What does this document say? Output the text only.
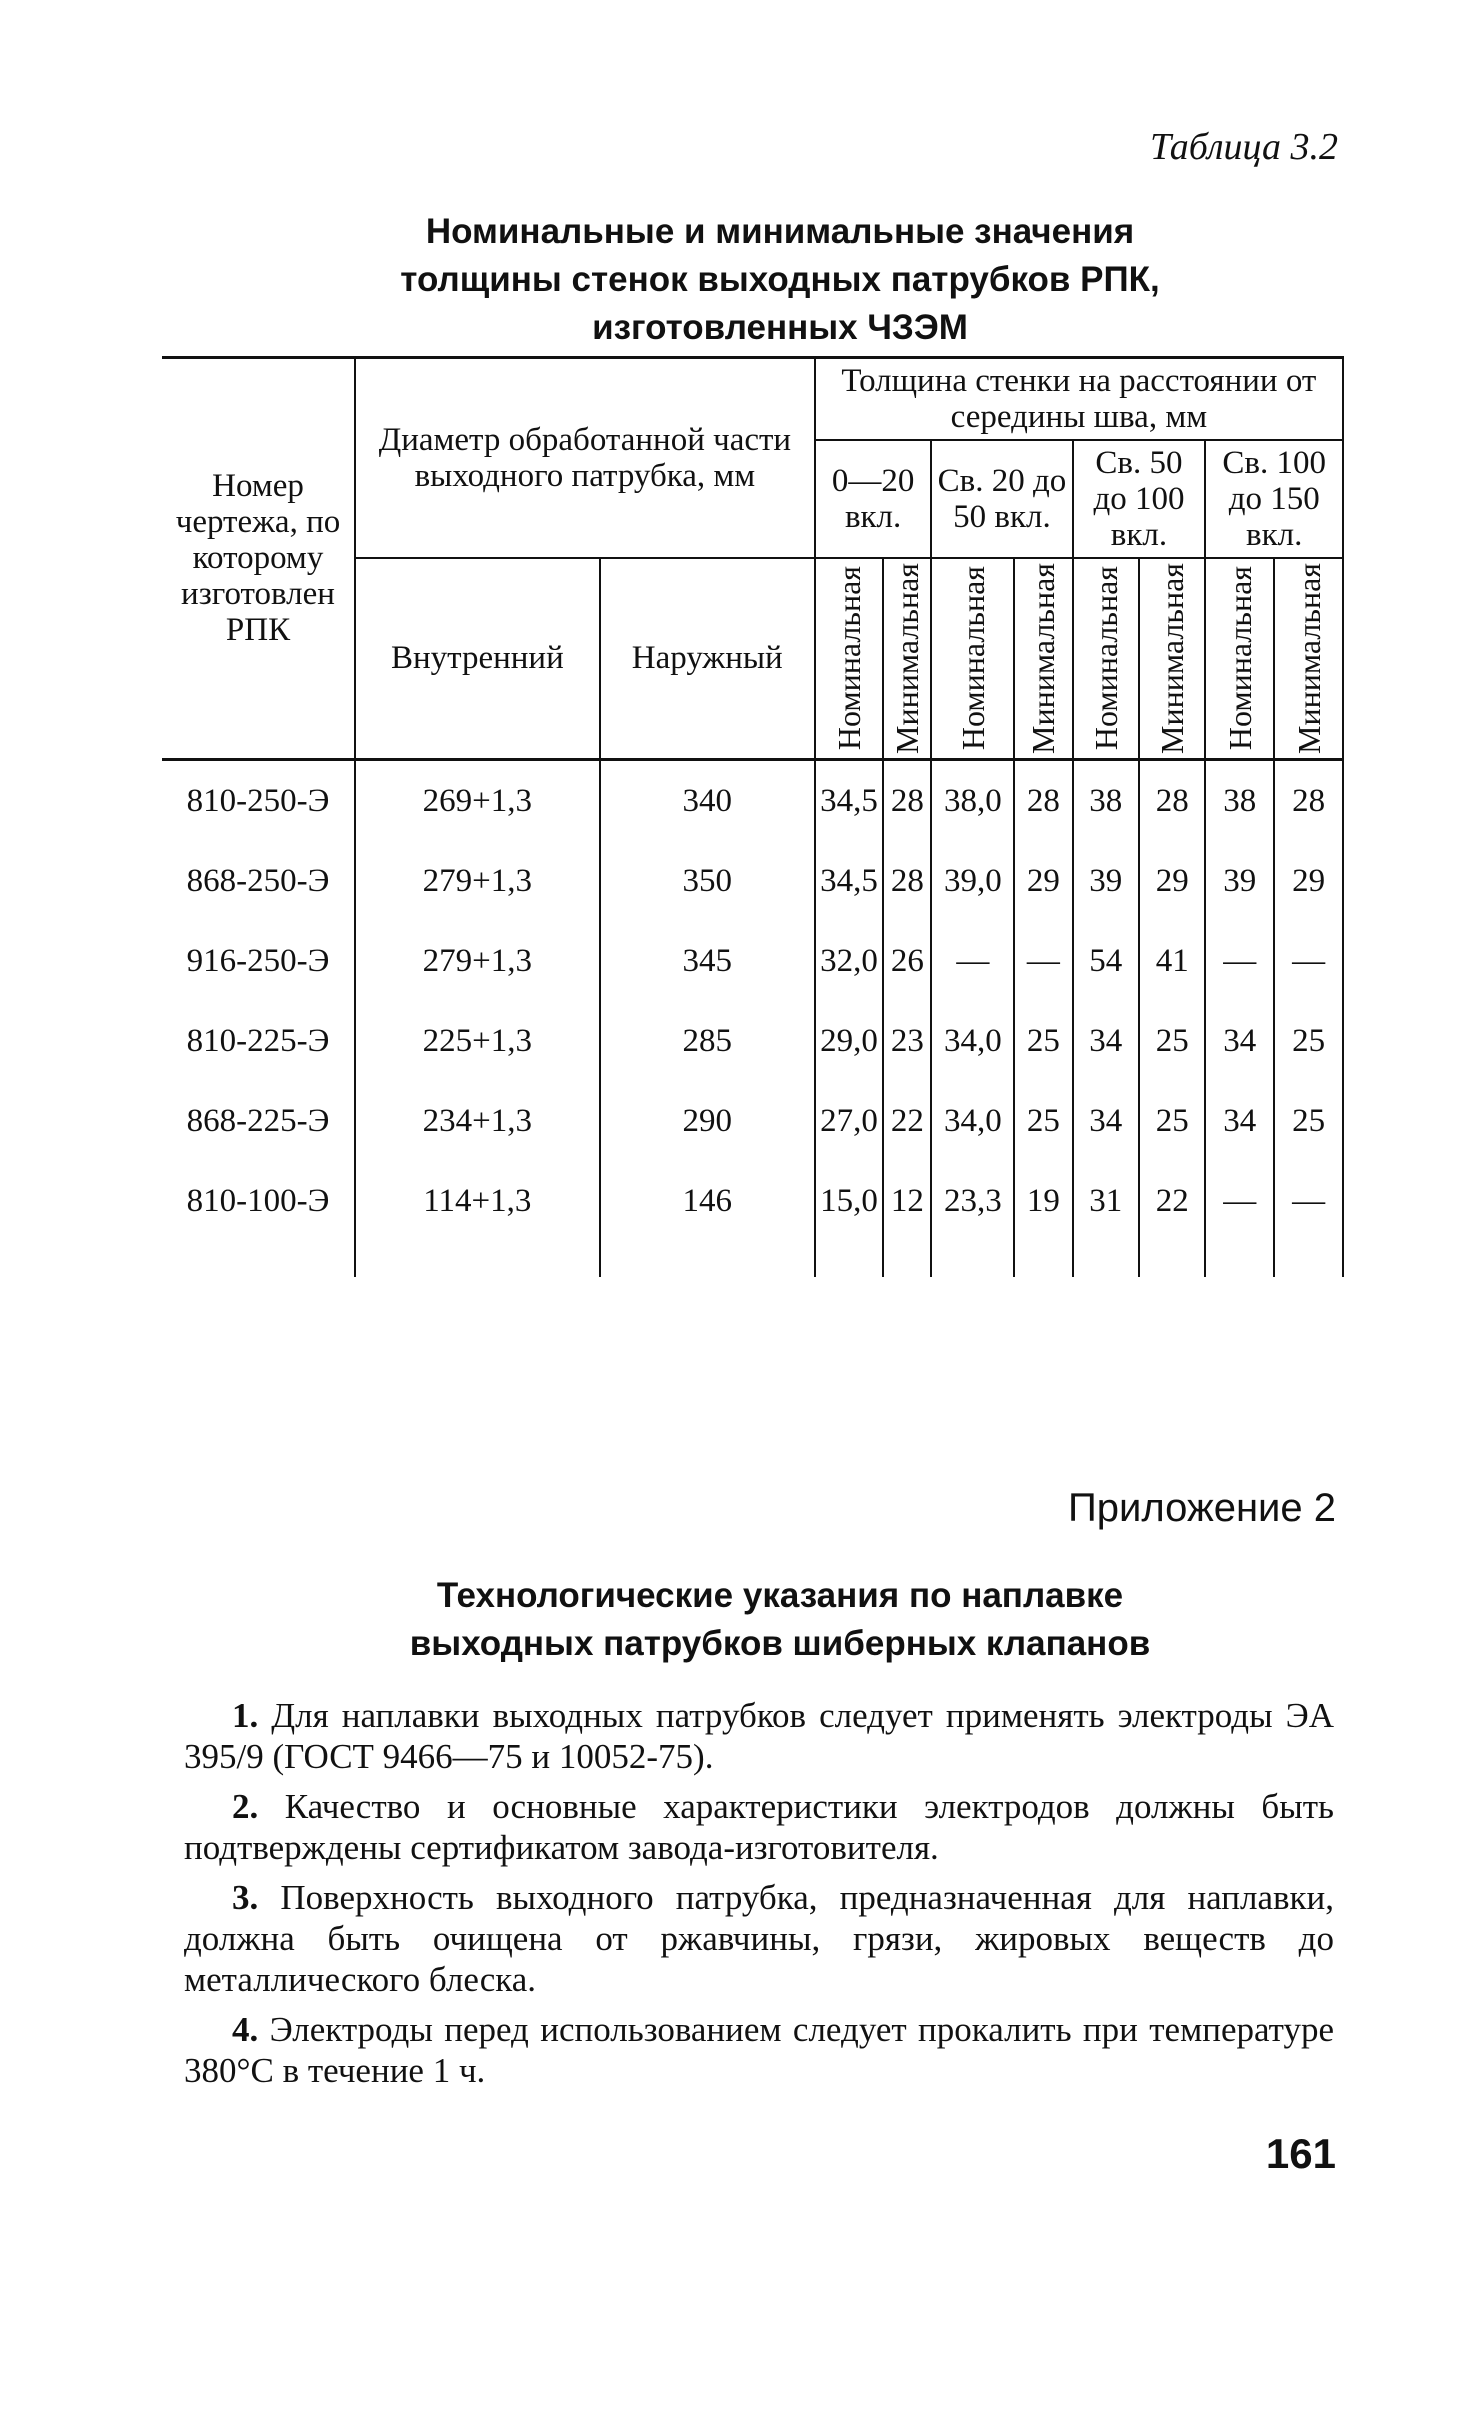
Таблица 3.2
Номинальные и минимальные значения
толщины стенок выходных патрубков РПК,
изготовленных ЧЗЭМ
Номер чертежа, по которому изготовлен РПК	Диаметр обработанной части выходного патрубка, мм		Толщина стенки на расстоянии от середины шва, мм							
			0—20 вкл.		Св. 20 до 50 вкл.		Св. 50 до 100 вкл.		Св. 100 до 150 вкл.	
	Внутренний	Наружный	Номинальная	Минимальная	Номинальная	Минимальная	Номинальная	Минимальная	Номинальная	Минимальная

810-250-Э	269+1,3	340	34,5	28	38,0	28	38	28	38	28
868-250-Э	279+1,3	350	34,5	28	39,0	29	39	29	39	29
916-250-Э	279+1,3	345	32,0	26	—	—	54	41	—	—
810-225-Э	225+1,3	285	29,0	23	34,0	25	34	25	34	25
868-225-Э	234+1,3	290	27,0	22	34,0	25	34	25	34	25
810-100-Э	114+1,3	146	15,0	12	23,3	19	31	22	—	—

Приложение 2
Технологические указания по наплавке
выходных патрубков шиберных клапанов

1. Для наплавки выходных патрубков следует применять электроды ЭА 395/9 (ГОСТ 9466—75 и 10052-75).

2. Качество и основные характеристики электродов должны быть подтверждены сертификатом завода-изготовителя.

3. Поверхность выходного патрубка, предназначенная для наплавки, должна быть очищена от ржавчины, грязи, жировых веществ до металлического блеска.

4. Электроды перед использованием следует прокалить при температуре 380°С в течение 1 ч.

161
